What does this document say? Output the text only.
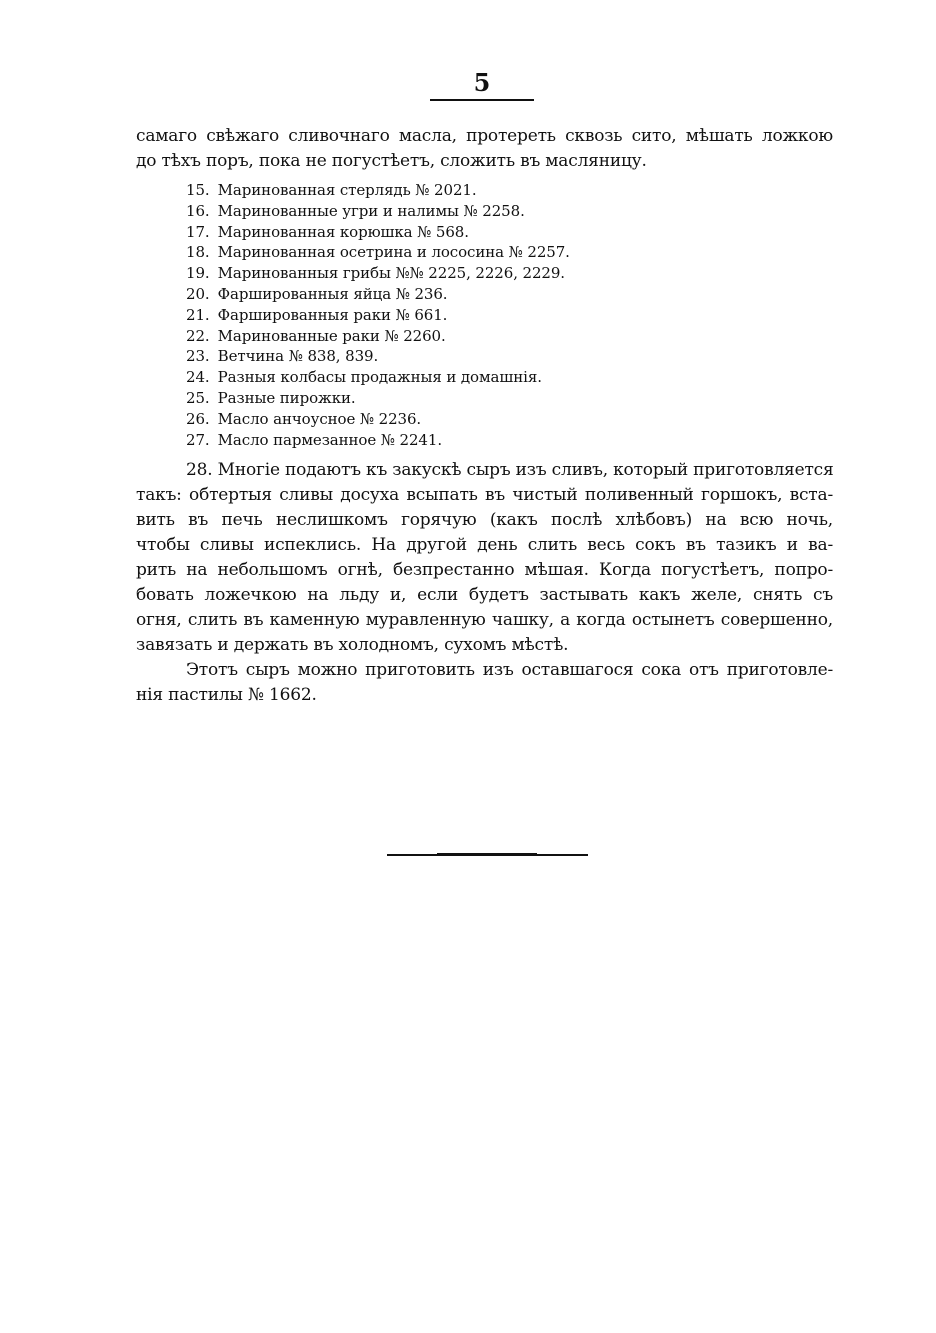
5
самаго свѣжаго сливочнаго масла, протереть сквозь сито, мѣшать ложкою
до тѣхъ поръ, пока не погустѣетъ, сложить въ масляницу.
15. Маринованная стерлядь № 2021.
16. Маринованные угри и налимы № 2258.
17. Маринованная корюшка № 568.
18. Маринованная осетрина и лососина № 2257.
19. Маринованныя грибы №№ 2225, 2226, 2229.
20. Фаршированныя яйца № 236.
21. Фаршированныя раки № 661.
22. Маринованные раки № 2260.
23. Ветчина № 838, 839.
24. Разныя колбасы продажныя и домашнія.
25. Разные пирожки.
26. Масло анчоусное № 2236.
27. Масло пармезанное № 2241.
28. Многіе подаютъ къ закускѣ сыръ изъ сливъ, который приготовляется
такъ: обтертыя сливы досуха всыпать въ чистый поливенный горшокъ, вста-
вить въ печь неслишкомъ горячую (какъ послѣ хлѣбовъ) на всю ночь,
чтобы сливы испеклись. На другой день слить весь сокъ въ тазикъ и ва-
рить на небольшомъ огнѣ, безпрестанно мѣшая. Когда погустѣетъ, попро-
бовать ложечкою на льду и, если будетъ застывать какъ желе, снять съ
огня, слить въ каменную муравленную чашку, а когда остынетъ совершенно,
завязать и держать въ холодномъ, сухомъ мѣстѣ.
Этотъ сыръ можно приготовить изъ оставшагося сока отъ приготовле-
нія пастилы № 1662.
